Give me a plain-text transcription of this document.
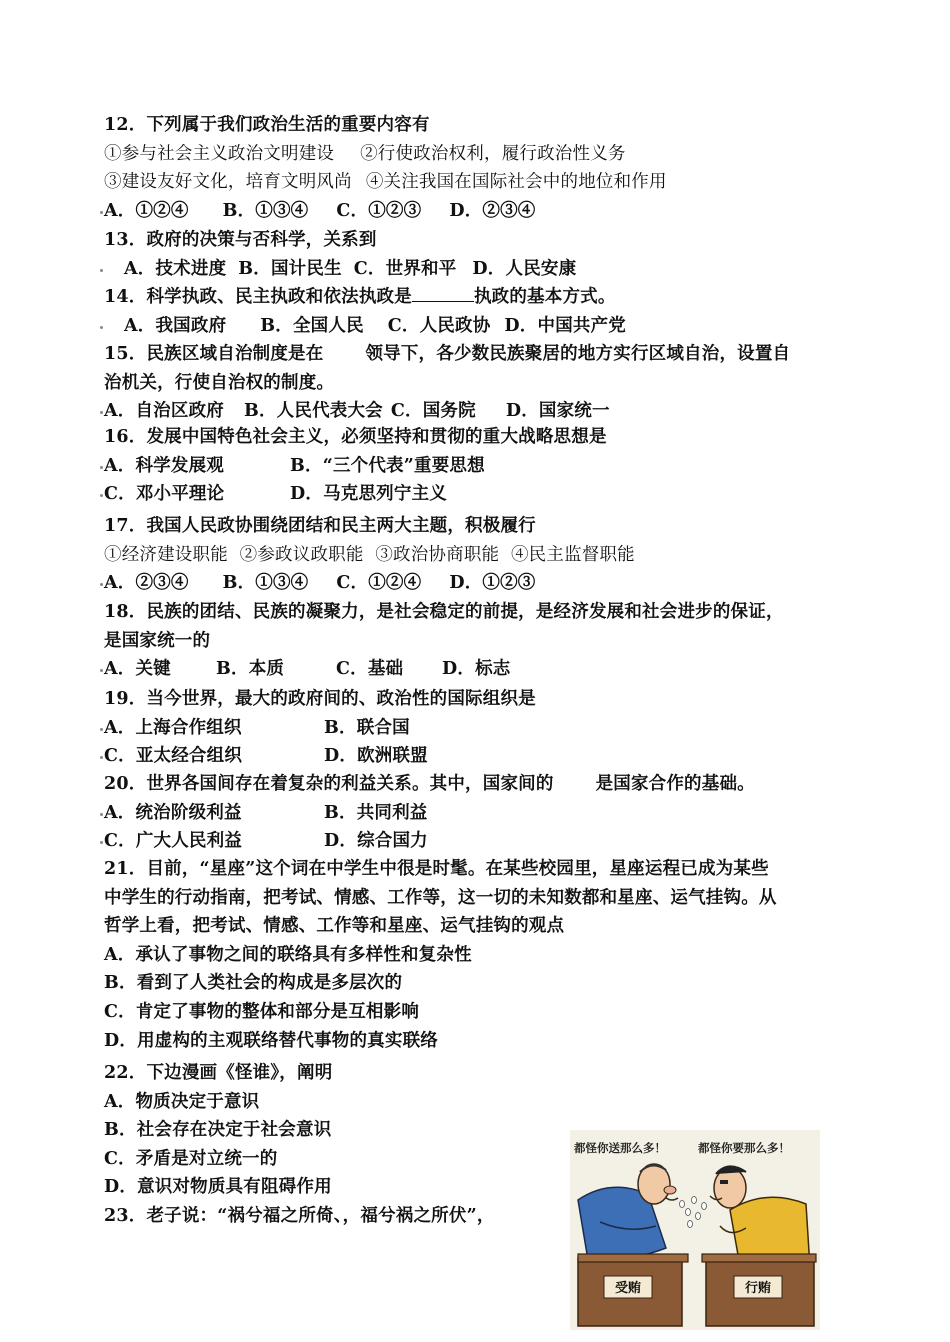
12．下列属于我们政治生活的重要内容有
①参与社会主义政治文明建设 ②行使政治权利，履行政治性义务
③建设友好文化，培育文明风尚 ④关注我国在国际社会中的地位和作用
A．①②④ B．①③④ C．①②③ D．②③④
13．政府的决策与否科学，关系到
A．技术进度 B．国计民生 C．世界和平 D．人民安康
14．科学执政、民主执政和依法执政是	执政的基本方式。
A．我国政府 B．全国人民 C．人民政协 D．中国共产党
15．民族区域自治制度是在 领导下，各少数民族聚居的地方实行区域自治，设置自
治机关，行使自治权的制度。
A．自治区政府 B．人民代表大会 C．国务院 D．国家统一
16．发展中国特色社会主义，必须坚持和贯彻的重大战略思想是
A．科学发展观	B．“三个代表”重要思想
C．邓小平理论	D．马克思列宁主义
17．我国人民政协围绕团结和民主两大主题，积极履行
①经济建设职能 ②参政议政职能 ③政治协商职能 ④民主监督职能
A．②③④ B．①③④ C．①②④ D．①②③
18．民族的团结、民族的凝聚力，是社会稳定的前提，是经济发展和社会进步的保证，
是国家统一的
A．关键	B．本质	C．基础 D．标志
19．当今世界，最大的政府间的、政治性的国际组织是
A．上海合作组织	B．联合国
C．亚太经合组织	D．欧洲联盟
20．世界各国间存在着复杂的利益关系。其中，国家间的 是国家合作的基础。
A．统治阶级利益	B．共同利益
C．广大人民利益	D．综合国力
21．目前，“星座”这个词在中学生中很是时髦。在某些校园里，星座运程已成为某些
中学生的行动指南，把考试、情感、工作等，这一切的未知数都和星座、运气挂钩。从
哲学上看，把考试、情感、工作等和星座、运气挂钩的观点
A．承认了事物之间的联络具有多样性和复杂性
B．看到了人类社会的构成是多层次的
C．肯定了事物的整体和部分是互相影响
D．用虚构的主观联络替代事物的真实联络
22．下边漫画《怪谁》，阐明
A．物质决定于意识
B．社会存在决定于社会意识
C．矛盾是对立统一的
D．意识对物质具有阻碍作用
23．老子说：“祸兮福之所倚、，福兮祸之所伏”，
都怪你送那么多！	都怪你要那么多！
受贿	行贿
